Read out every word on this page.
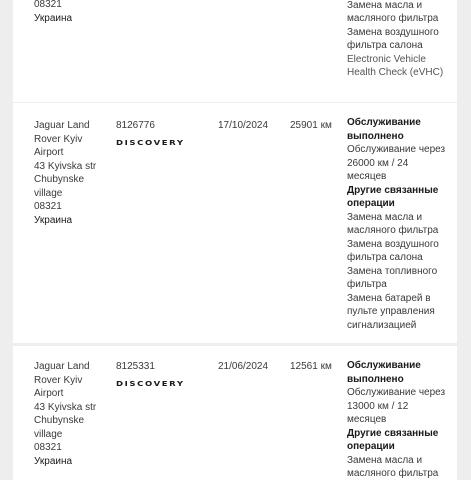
08321
Украина
Замена масла и
масляного фильтра
Замена воздушного
фильтра салона
Electronic Vehicle
Health Check (eVHC)
Jaguar Land
Rover Kyiv
Airport
43 Kyivska str
Chubynske
village
08321
Украина
8126776
DISCOVERY
17/10/2024 25901 км Обслуживание
выполнено
Обслуживание через
26000 км / 24
месяцев
Другие связанные
операции
Замена масла и
масляного фильтра
Замена воздушного
фильтра салона
Замена топливного
фильтра
Замена батарей в
пульте управления
сигнализацией
Jaguar Land
Rover Kyiv
Airport
43 Kyivska str
Chubynske
village
08321
Украина
8125331
DISCOVERY
21/06/2024 12561 км Обслуживание
выполнено
Обслуживание через
13000 км / 12
месяцев
Другие связанные
операции
Замена масла и
масляного фильтра
